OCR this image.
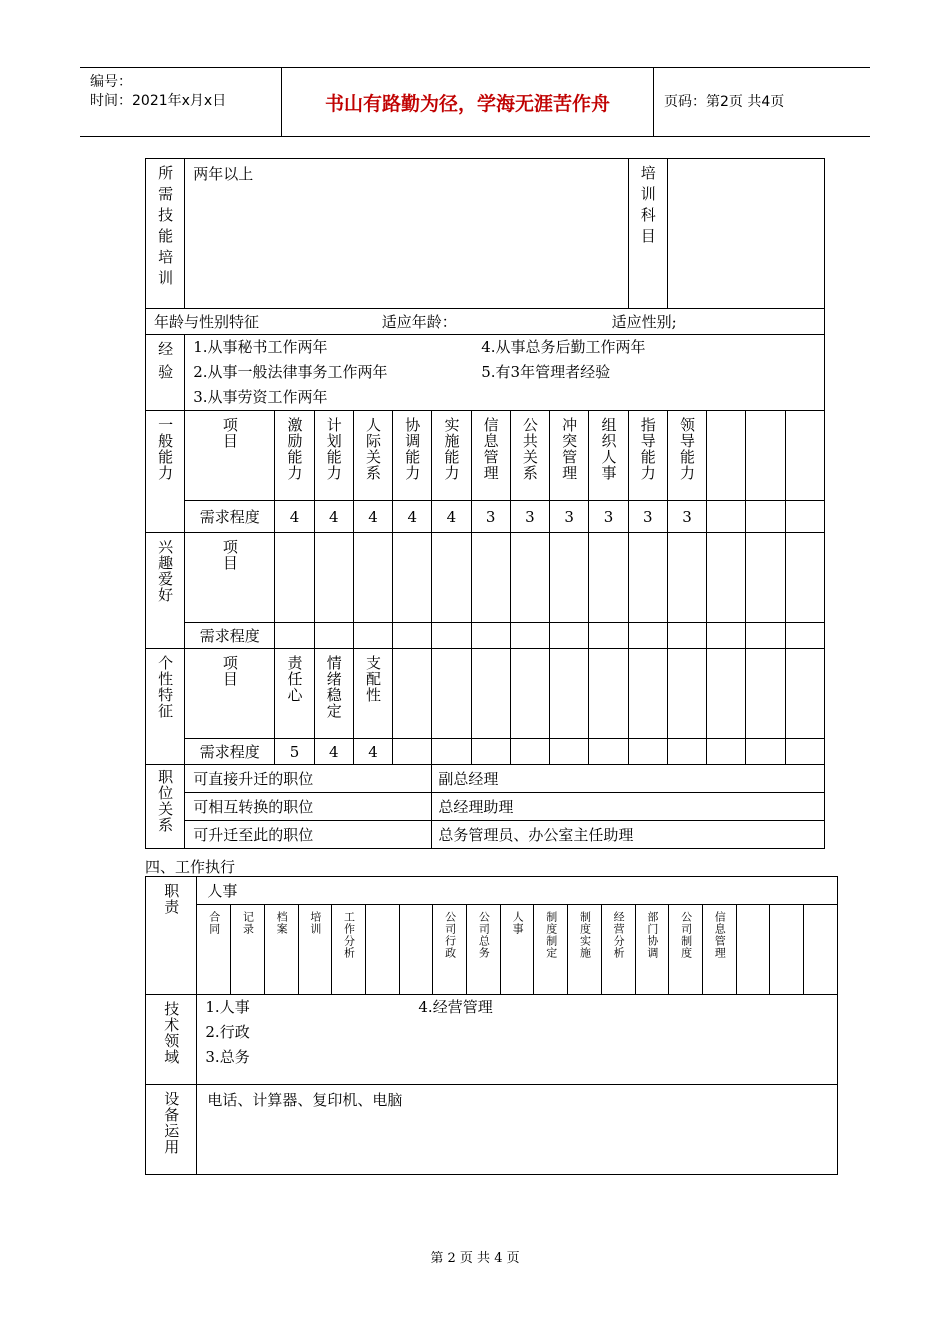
编号：
时间：2021年x月x日	书山有路勤为径，学海无涯苦作舟	页码：第2页 共4页
所需技能培训	两年以上										培训科目				
年龄与性别特征 适应年龄： 适应性别;															
经验	1.从事秘书工作两年
2.从事一般法律事务工作两年
3.从事劳资工作两年
4.从事总务后勤工作两年
5.有3年管理者经验														

一般能力	项目	激励能力	计划能力	人际关系	协调能力	实施能力	信息管理	公共关系	冲突管理	组织人事	指导能力	领导能力			
	需求程度	4	4	4	4	4	3	3	3	3	3	3			
兴趣爱好	项目														
	需求程度														
个性特征	项目	责任心	情绪稳定	支配性											
	需求程度	5	4	4											
职位关系	可直接升迁的职位					副总经理									
	可相互转换的职位					总经理助理									
	可升迁至此的职位					总务管理员、办公室主任助理									
四、工作执行
职责	人事																		
	合同	记录	档案	培训	工作分析			公司行政	公司总务	人事	制度制定	制度实施	经营分析	部门协调	公司制度	信息管理			
技术领域	1.人事
2.行政
3.总务
4.经营管理																		

设备运用	电话、计算器、复印机、电脑																		
第 2 页 共 4 页
